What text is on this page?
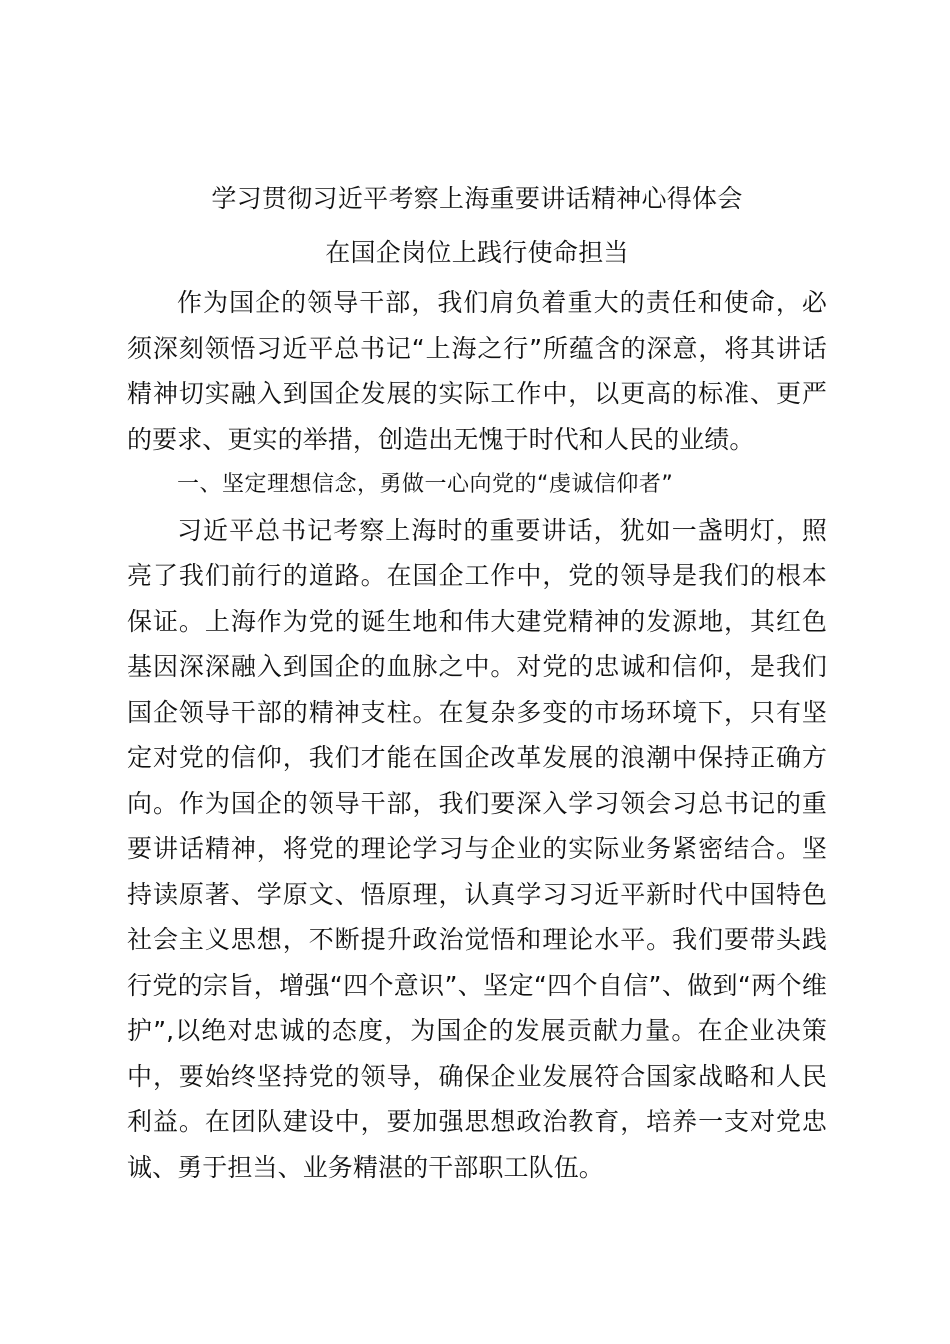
学习贯彻习近平考察上海重要讲话精神心得体会
在国企岗位上践行使命担当

作为国企的领导干部，我们肩负着重大的责任和使命，必须深刻领悟习近平总书记“上海之行”所蕴含的深意，将其讲话精神切实融入到国企发展的实际工作中，以更高的标准、更严的要求、更实的举措，创造出无愧于时代和人民的业绩。

一、坚定理想信念，勇做一心向党的“虔诚信仰者”

习近平总书记考察上海时的重要讲话，犹如一盏明灯，照亮了我们前行的道路。在国企工作中，党的领导是我们的根本保证。上海作为党的诞生地和伟大建党精神的发源地，其红色基因深深融入到国企的血脉之中。对党的忠诚和信仰，是我们国企领导干部的精神支柱。在复杂多变的市场环境下，只有坚定对党的信仰，我们才能在国企改革发展的浪潮中保持正确方向。作为国企的领导干部，我们要深入学习领会习总书记的重要讲话精神，将党的理论学习与企业的实际业务紧密结合。坚持读原著、学原文、悟原理，认真学习习近平新时代中国特色社会主义思想，不断提升政治觉悟和理论水平。我们要带头践行党的宗旨，增强“四个意识”、坚定“四个自信”、做到“两个维护”,以绝对忠诚的态度，为国企的发展贡献力量。在企业决策中，要始终坚持党的领导，确保企业发展符合国家战略和人民利益。在团队建设中，要加强思想政治教育，培养一支对党忠诚、勇于担当、业务精湛的干部职工队伍。
